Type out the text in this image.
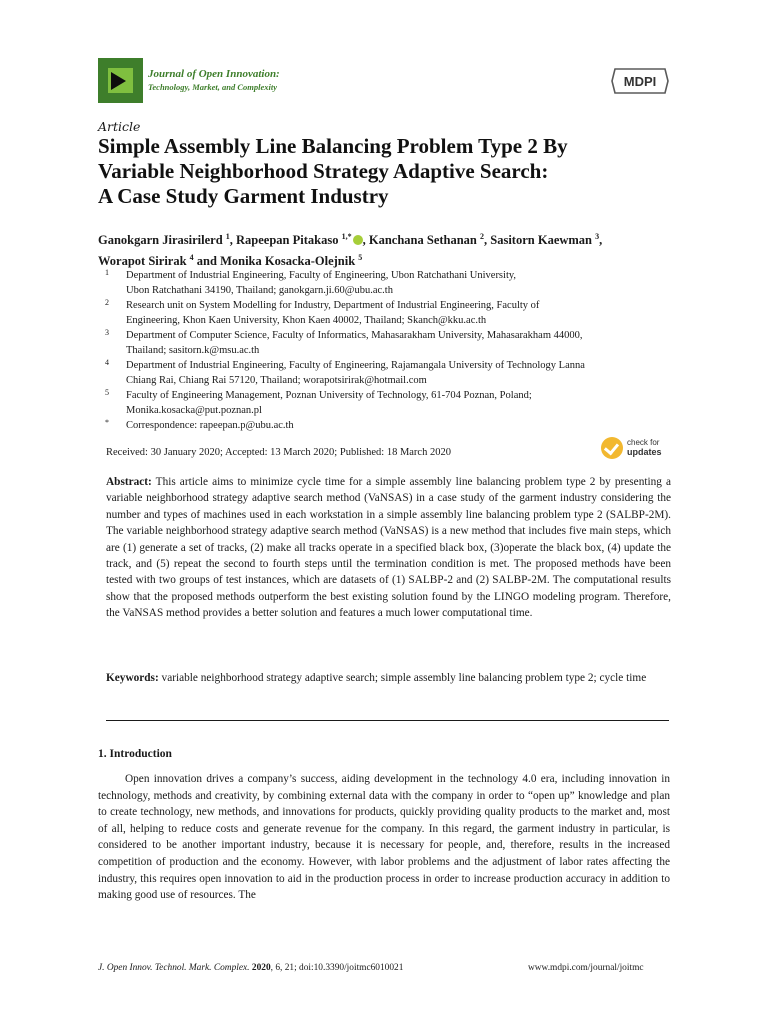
Journal of Open Innovation:
Technology, Market, and Complexity	MDPI
Article
Simple Assembly Line Balancing Problem Type 2 By
Variable Neighborhood Strategy Adaptive Search:
A Case Study Garment Industry
Ganokgarn Jirasirilerd $^1$, Rapeepan Pitakaso $^{1,*}$ , Kanchana Sethanan $^2$, Sasitorn Kaewman $^3$,
Worapot Sirirak $^4$ and Monika Kosacka-Olejnik $^5$
1	Department of Industrial Engineering, Faculty of Engineering, Ubon Ratchathani University,
Ubon Ratchathani 34190, Thailand; ganokgarn.ji.60@ubu.ac.th
2	Research unit on System Modelling for Industry, Department of Industrial Engineering, Faculty of
Engineering, Khon Kaen University, Khon Kaen 40002, Thailand; Skanch@kku.ac.th
3	Department of Computer Science, Faculty of Informatics, Mahasarakham University, Mahasarakham 44000,
Thailand; sasitorn.k@msu.ac.th
4	Department of Industrial Engineering, Faculty of Engineering, Rajamangala University of Technology Lanna
Chiang Rai, Chiang Rai 57120, Thailand; worapotsirirak@hotmail.com
5	Faculty of Engineering Management, Poznan University of Technology, 61-704 Poznan, Poland;
Monika.kosacka@put.poznan.pl
*	Correspondence: rapeepan.p@ubu.ac.th
Received: 30 January 2020; Accepted: 13 March 2020; Published: 18 March 2020
check for
updates
Abstract: This article aims to minimize cycle time for a simple assembly line balancing problem type 2 by presenting a variable neighborhood strategy adaptive search method (VaNSAS) in a case study of the garment industry considering the number and types of machines used in each workstation in a simple assembly line balancing problem type 2 (SALBP-2M). The variable neighborhood strategy adaptive search method (VaNSAS) is a new method that includes five main steps, which are (1) generate a set of tracks, (2) make all tracks operate in a specified black box, (3)operate the black box, (4) update the track, and (5) repeat the second to fourth steps until the termination condition is met. The proposed methods have been tested with two groups of test instances, which are datasets of (1) SALBP-2 and (2) SALBP-2M. The computational results show that the proposed methods outperform the best existing solution found by the LINGO modeling program. Therefore, the VaNSAS method provides a better solution and features a much lower computational time.
Keywords: variable neighborhood strategy adaptive search; simple assembly line balancing problem type 2; cycle time
1. Introduction
Open innovation drives a company’s success, aiding development in the technology 4.0 era, including innovation in technology, methods and creativity, by combining external data with the company in order to “open up” knowledge and plan to create technology, new methods, and innovations for products, quickly providing quality products to the market and, most of all, helping to reduce costs and generate revenue for the company. In this regard, the garment industry in particular, is considered to be another important industry, because it is necessary for people, and, therefore, results in the increased competition of production and the economy. However, with labor problems and the adjustment of labor rates affecting the industry, this requires open innovation to aid in the production process in order to increase production accuracy in addition to making good use of resources. The
J. Open Innov. Technol. Mark. Complex. 2020, 6, 21; doi:10.3390/joitmc6010021	www.mdpi.com/journal/joitmc
